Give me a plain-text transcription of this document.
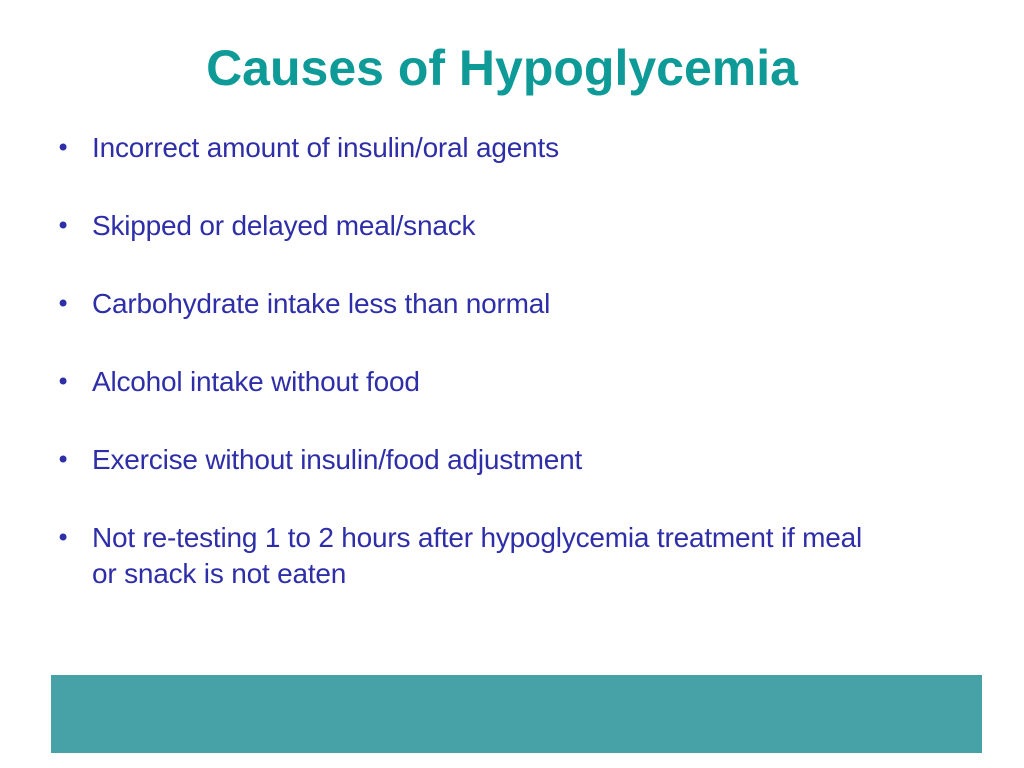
Causes of Hypoglycemia
• Incorrect amount of insulin/oral agents
• Skipped or delayed meal/snack
• Carbohydrate intake less than normal
• Alcohol intake without food
• Exercise without insulin/food adjustment
• Not re-testing 1 to 2 hours after hypoglycemia treatment if meal or snack is not eaten
